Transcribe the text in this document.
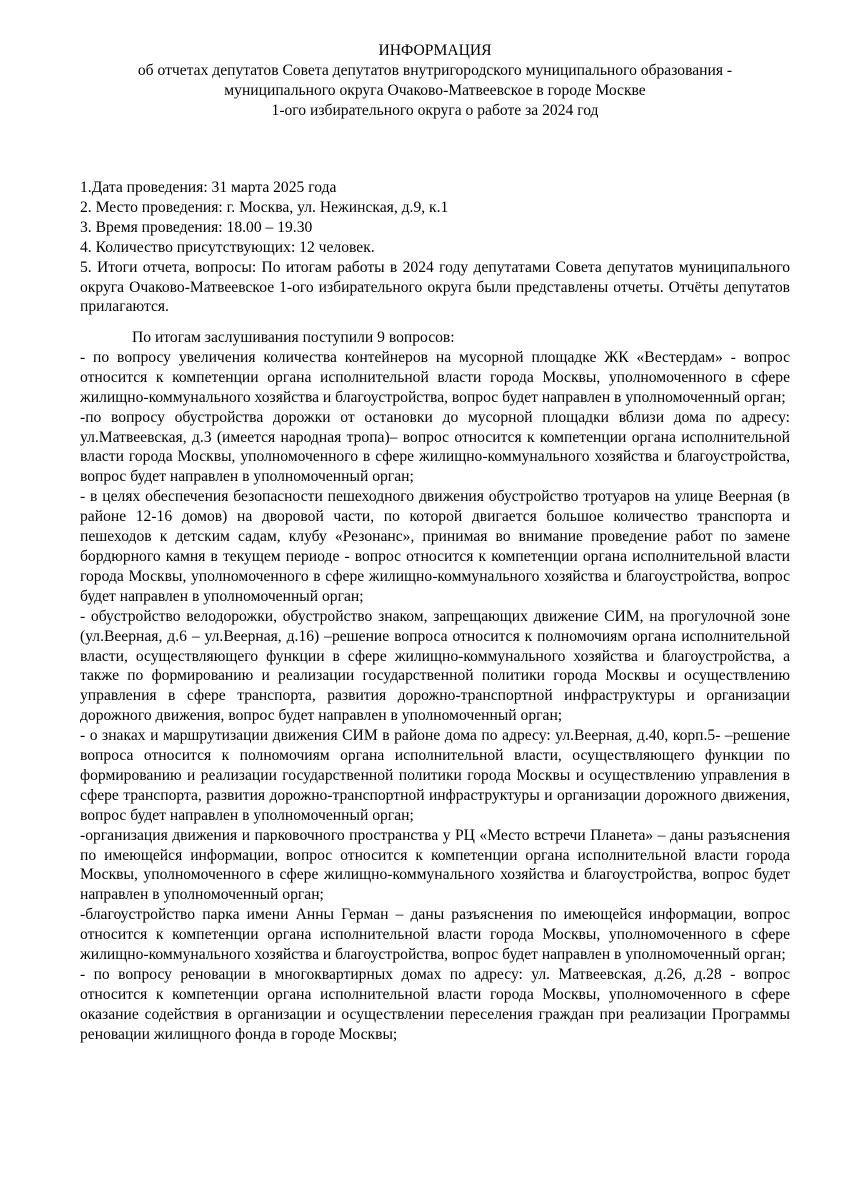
ИНФОРМАЦИЯ
об отчетах депутатов Совета депутатов внутригородского муниципального образования -
муниципального округа Очаково-Матвеевское в городе Москве
1-ого избирательного округа о работе за 2024 год
1.Дата проведения: 31 марта 2025 года
2. Место проведения: г. Москва, ул. Нежинская, д.9, к.1
3. Время проведения: 18.00 – 19.30
4. Количество присутствующих: 12 человек.
5. Итоги отчета, вопросы: По итогам работы в 2024 году депутатами Совета депутатов муниципального округа Очаково-Матвеевское 1-ого избирательного округа были представлены отчеты. Отчёты депутатов прилагаются.
По итогам заслушивания поступили 9 вопросов:
- по вопросу увеличения количества контейнеров на мусорной площадке ЖК «Вестердам» - вопрос относится к компетенции органа исполнительной власти города Москвы, уполномоченного в сфере жилищно-коммунального хозяйства и благоустройства, вопрос будет направлен в уполномоченный орган;
-по вопросу обустройства дорожки от остановки до мусорной площадки вблизи дома по адресу: ул.Матвеевская, д.3 (имеется народная тропа)– вопрос относится к компетенции органа исполнительной власти города Москвы, уполномоченного в сфере жилищно-коммунального хозяйства и благоустройства, вопрос будет направлен в уполномоченный орган;
- в целях обеспечения безопасности пешеходного движения обустройство тротуаров на улице Веерная (в районе 12-16 домов) на дворовой части, по которой двигается большое количество транспорта и пешеходов к детским садам, клубу «Резонанс», принимая во внимание проведение работ по замене бордюрного камня в текущем периоде - вопрос относится к компетенции органа исполнительной власти города Москвы, уполномоченного в сфере жилищно-коммунального хозяйства и благоустройства, вопрос будет направлен в уполномоченный орган;
- обустройство велодорожки, обустройство знаком, запрещающих движение СИМ, на прогулочной зоне (ул.Веерная, д.6 – ул.Веерная, д.16) –решение вопроса относится к полномочиям органа исполнительной власти, осуществляющего функции в сфере жилищно-коммунального хозяйства и благоустройства, а также по формированию и реализации государственной политики города Москвы и осуществлению управления в сфере транспорта, развития дорожно-транспортной инфраструктуры и организации дорожного движения, вопрос будет направлен в уполномоченный орган;
- о знаках и маршрутизации движения СИМ в районе дома по адресу: ул.Веерная, д.40, корп.5- –решение вопроса относится к полномочиям органа исполнительной власти, осуществляющего функции по формированию и реализации государственной политики города Москвы и осуществлению управления в сфере транспорта, развития дорожно-транспортной инфраструктуры и организации дорожного движения, вопрос будет направлен в уполномоченный орган;
-организация движения и парковочного пространства у РЦ «Место встречи Планета» – даны разъяснения по имеющейся информации, вопрос относится к компетенции органа исполнительной власти города Москвы, уполномоченного в сфере жилищно-коммунального хозяйства и благоустройства, вопрос будет направлен в уполномоченный орган;
-благоустройство парка имени Анны Герман – даны разъяснения по имеющейся информации, вопрос относится к компетенции органа исполнительной власти города Москвы, уполномоченного в сфере жилищно-коммунального хозяйства и благоустройства, вопрос будет направлен в уполномоченный орган;
- по вопросу реновации в многоквартирных домах по адресу: ул. Матвеевская, д.26, д.28 - вопрос относится к компетенции органа исполнительной власти города Москвы, уполномоченного в сфере оказание содействия в организации и осуществлении переселения граждан при реализации Программы реновации жилищного фонда в городе Москвы;
